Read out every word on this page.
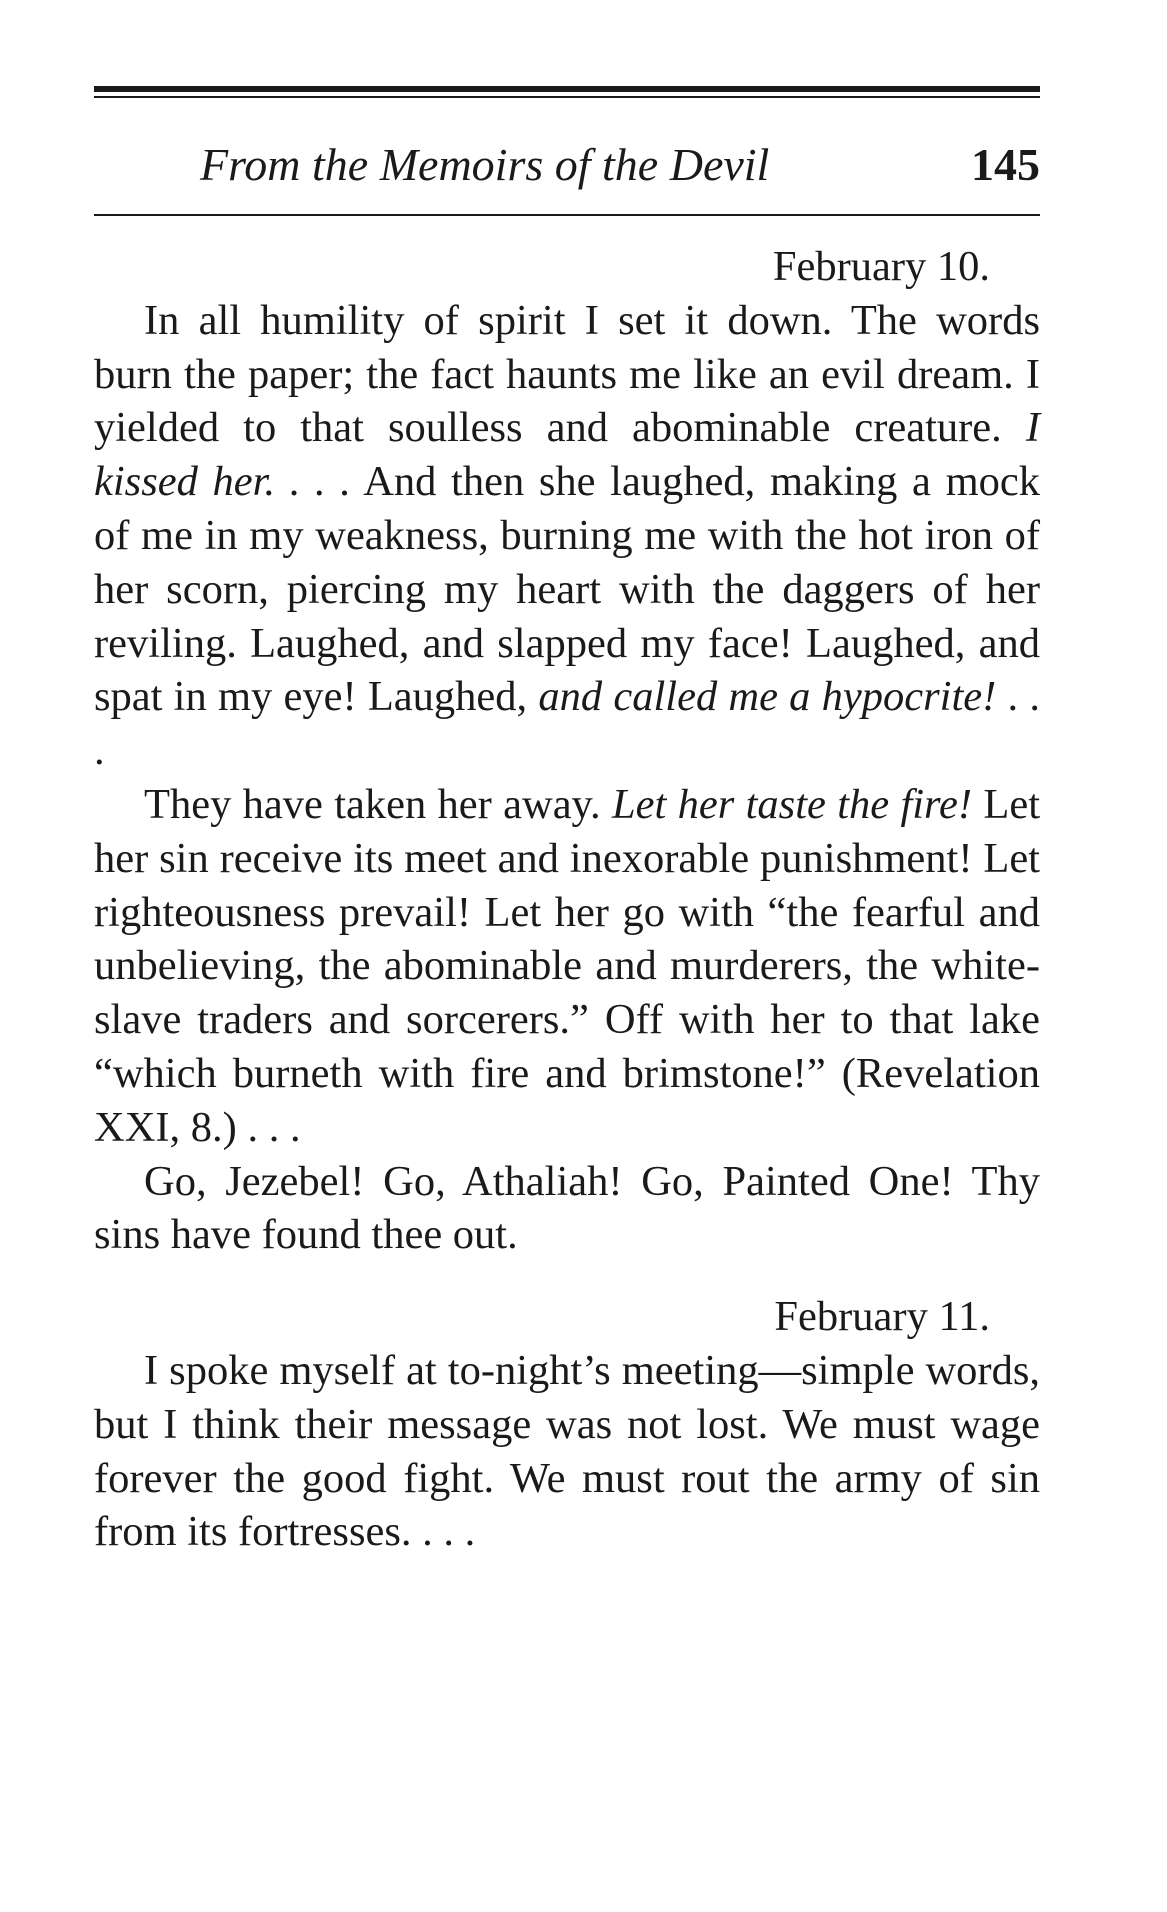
From the Memoirs of the Devil	145

February 10.

In all humility of spirit I set it down. The words burn the paper; the fact haunts me like an evil dream. I yielded to that soulless and abominable creature. I kissed her. . . . And then she laughed, making a mock of me in my weakness, burning me with the hot iron of her scorn, piercing my heart with the daggers of her reviling. Laughed, and slapped my face! Laughed, and spat in my eye! Laughed, and called me a hypocrite! . . .

They have taken her away. Let her taste the fire! Let her sin receive its meet and inexorable punishment! Let righteousness prevail! Let her go with “the fearful and unbelieving, the abominable and murderers, the white-slave traders and sorcerers.” Off with her to that lake “which burneth with fire and brimstone!” (Revelation XXI, 8.) . . .

Go, Jezebel! Go, Athaliah! Go, Painted One! Thy sins have found thee out.

February 11.

I spoke myself at to-night’s meeting—simple words, but I think their message was not lost. We must wage forever the good fight. We must rout the army of sin from its fortresses. . . .
